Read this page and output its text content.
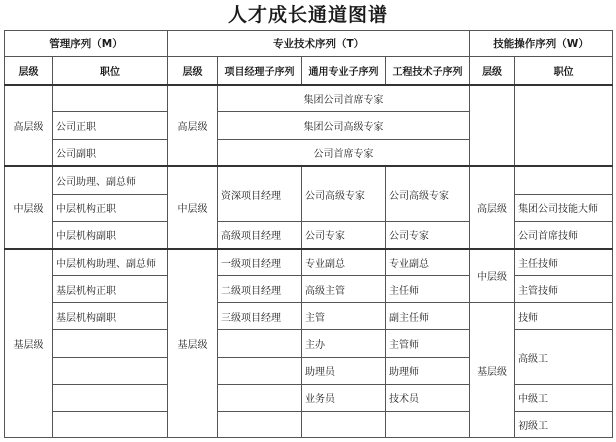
人才成长通道图谱
管理序列（M）		专业技术序列（T）				技能操作序列（W）	
层级	职位	层级	项目经理子序列	通用专业子序列	工程技术子序列	层级	职位
高层级		高层级	集团公司首席专家				
	公司正职		集团公司高级专家				
	公司副职		公司首席专家				
中层级	公司助理、副总师	中层级	资深项目经理	公司高级专家	公司高级专家	高层级	
	中层机构正职						集团公司技能大师
	中层机构副职		高级项目经理	公司专家	公司专家		公司首席技师
基层级	中层机构助理、副总师	基层级	一级项目经理	专业副总	专业副总	中层级	主任技师
	基层机构正职		二级项目经理	高级主管	主任师		主管技师
	基层机构副职		三级项目经理	主管	副主任师	基层级	技师
				主办	主管师		高级工
				助理员	助理师		
				业务员	技术员		中级工
							初级工
